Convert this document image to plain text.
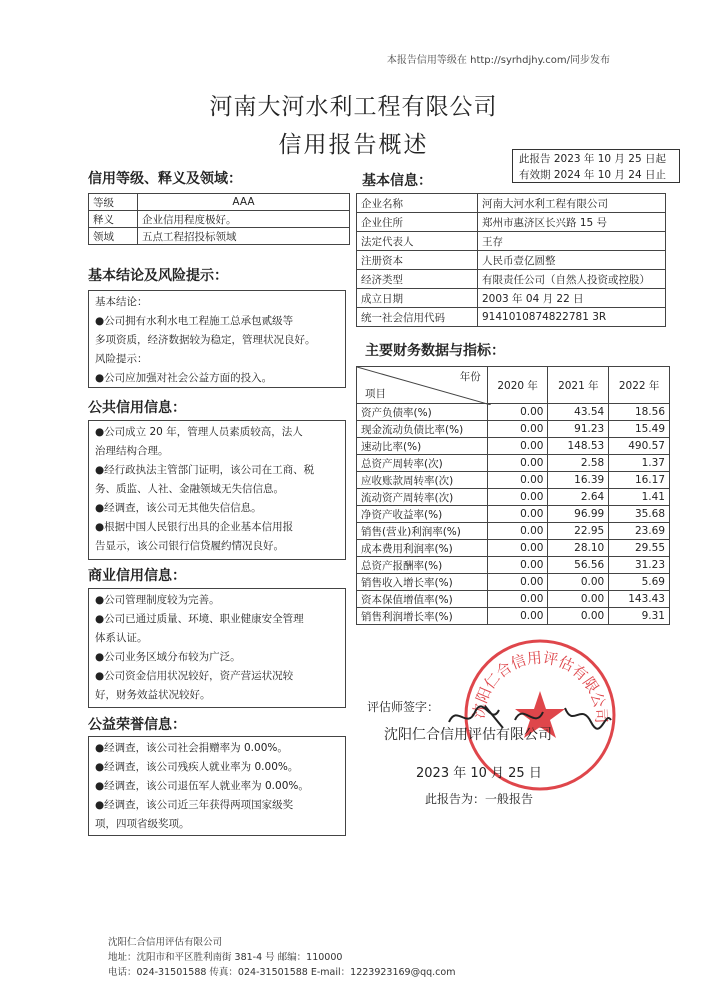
本报告信用等级在 http://syrhdjhy.com/同步发布
河南大河水利工程有限公司
信用报告概述
此报告 2023 年 10 月 25 日起
有效期 2024 年 10 月 24 日止
信用等级、释义及领域：
等级	AAA
释义	企业信用程度极好。
领域	五点工程招投标领域
基本信息：
企业名称	河南大河水利工程有限公司
企业住所	郑州市惠济区长兴路 15 号
法定代表人	王存
注册资本	人民币壹亿圆整
经济类型	有限责任公司（自然人投资或控股）
成立日期	2003 年 04 月 22 日
统一社会信用代码	9141010874822781 3R
基本结论及风险提示：
基本结论：
●公司拥有水利水电工程施工总承包贰级等
多项资质，经济数据较为稳定，管理状况良好。
风险提示：
●公司应加强对社会公益方面的投入。
公共信用信息：
●公司成立 20 年，管理人员素质较高，法人
治理结构合理。
●经行政执法主管部门证明，该公司在工商、税
务、质监、人社、金融领域无失信信息。
●经调查，该公司无其他失信信息。
●根据中国人民银行出具的企业基本信用报
告显示，该公司银行信贷履约情况良好。
商业信用信息：
●公司管理制度较为完善。
●公司已通过质量、环境、职业健康安全管理
体系认证。
●公司业务区域分布较为广泛。
●公司资金信用状况较好，资产营运状况较
好，财务效益状况较好。
公益荣誉信息：
●经调查，该公司社会捐赠率为 0.00%。
●经调查，该公司残疾人就业率为 0.00%。
●经调查，该公司退伍军人就业率为 0.00%。
●经调查，该公司近三年获得两项国家级奖
项，四项省级奖项。
主要财务数据与指标：
年份
项目	2020 年	2021 年	2022 年
资产负债率(%)	0.00	43.54	18.56
现金流动负债比率(%)	0.00	91.23	15.49
速动比率(%)	0.00	148.53	490.57
总资产周转率(次)	0.00	2.58	1.37
应收账款周转率(次)	0.00	16.39	16.17
流动资产周转率(次)	0.00	2.64	1.41
净资产收益率(%)	0.00	96.99	35.68
销售(营业)利润率(%)	0.00	22.95	23.69
成本费用利润率(%)	0.00	28.10	29.55
总资产报酬率(%)	0.00	56.56	31.23
销售收入增长率(%)	0.00	0.00	5.69
资本保值增值率(%)	0.00	0.00	143.43
销售利润增长率(%)	0.00	0.00	9.31
沈阳仁合信用评估有限公司
评估师签字：
沈阳仁合信用评估有限公司
2023 年 10 月 25 日
此报告为：一般报告
沈阳仁合信用评估有限公司
地址：沈阳市和平区胜利南街 381-4 号 邮编：110000
电话：024-31501588 传真：024-31501588 E-mail：1223923169@qq.com
